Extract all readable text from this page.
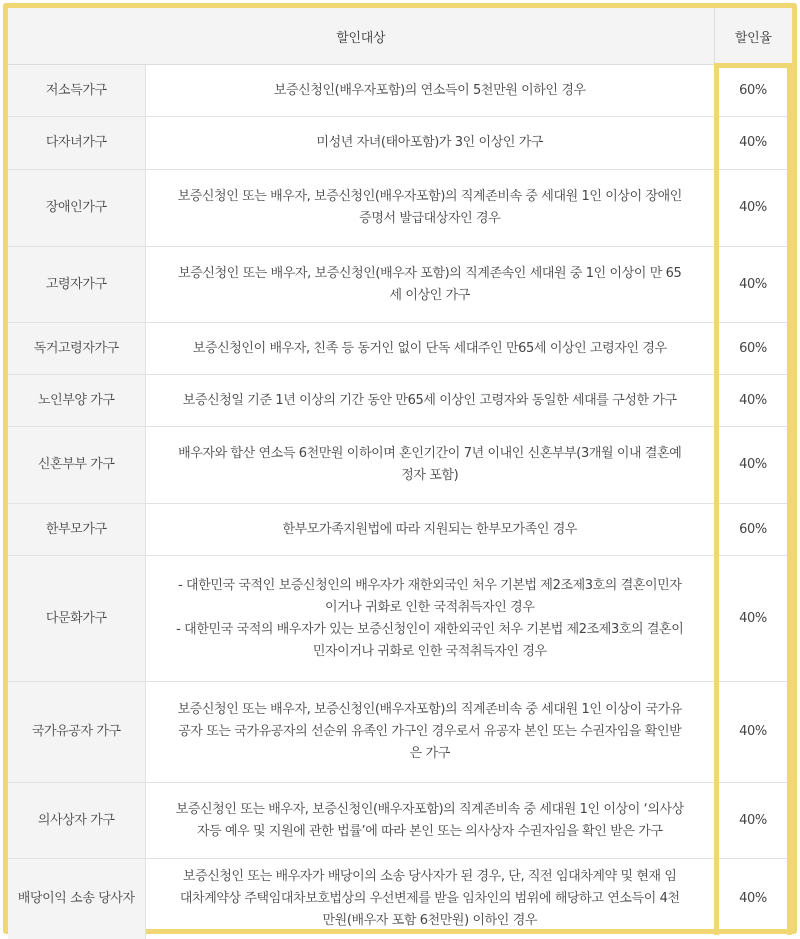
할인대상		할인율
저소득가구	보증신청인(배우자포함)의 연소득이 5천만원 이하인 경우	60%
다자녀가구	미성년 자녀(태아포함)가 3인 이상인 가구	40%
장애인가구	보증신청인 또는 배우자, 보증신청인(배우자포함)의 직계존비속 중 세대원 1인 이상이 장애인
증명서 발급대상자인 경우	40%
고령자가구	보증신청인 또는 배우자, 보증신청인(배우자 포함)의 직계존속인 세대원 중 1인 이상이 만 65
세 이상인 가구	40%
독거고령자가구	보증신청인이 배우자, 친족 등 동거인 없이 단독 세대주인 만65세 이상인 고령자인 경우	60%
노인부양 가구	보증신청일 기준 1년 이상의 기간 동안 만65세 이상인 고령자와 동일한 세대를 구성한 가구	40%
신혼부부 가구	배우자와 합산 연소득 6천만원 이하이며 혼인기간이 7년 이내인 신혼부부(3개월 이내 결혼예
정자 포함)	40%
한부모가구	한부모가족지원법에 따라 지원되는 한부모가족인 경우	60%
다문화가구	- 대한민국 국적인 보증신청인의 배우자가 재한외국인 처우 기본법 제2조제3호의 결혼이민자
이거나 귀화로 인한 국적취득자인 경우
- 대한민국 국적의 배우자가 있는 보증신청인이 재한외국인 처우 기본법 제2조제3호의 결혼이
민자이거나 귀화로 인한 국적취득자인 경우	40%
국가유공자 가구	보증신청인 또는 배우자, 보증신청인(배우자포함)의 직계존비속 중 세대원 1인 이상이 국가유
공자 또는 국가유공자의 선순위 유족인 가구인 경우로서 유공자 본인 또는 수권자임을 확인받
은 가구	40%
의사상자 가구	보증신청인 또는 배우자, 보증신청인(배우자포함)의 직계존비속 중 세대원 1인 이상이 ‘의사상
자등 예우 및 지원에 관한 법률’에 따라 본인 또는 의사상자 수권자임을 확인 받은 가구	40%
배당이익 소송 당사자	보증신청인 또는 배우자가 배당이의 소송 당사자가 된 경우, 단, 직전 임대차계약 및 현재 임
대차계약상 주택임대차보호법상의 우선변제를 받을 임차인의 범위에 해당하고 연소득이 4천
만원(배우자 포함 6천만원) 이하인 경우	40%
